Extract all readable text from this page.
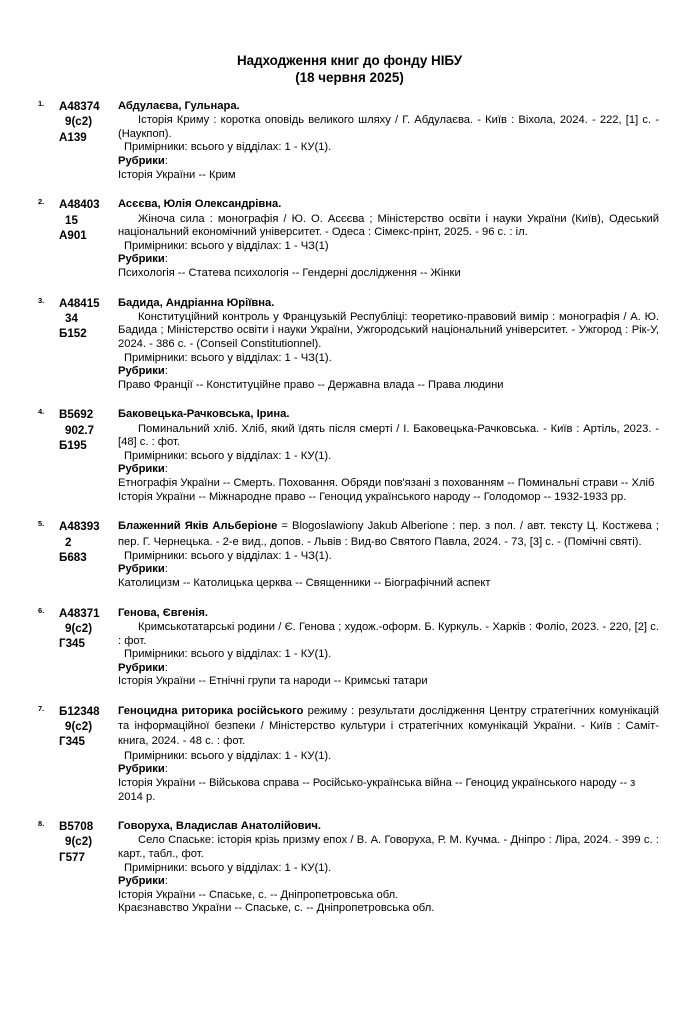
Надходження книг до фонду НІБУ
(18 червня 2025)
1. А48374
9(с2)
А139
Абдулаєва, Гульнара.
Історія Криму : коротка оповідь великого шляху / Г. Абдулаєва. - Київ : Віхола, 2024. - 222, [1] с. - (Наукпоп).
Примірники: всього у відділах: 1 - КУ(1).
Рубрики:
Історія України -- Крим
2. А48403
15
А901
Асєєва, Юлія Олександрівна.
Жіноча сила : монографія / Ю. О. Асєєва ; Міністерство освіти і науки України (Київ), Одеський національний економічний університет. - Одеса : Сімекс-прінт, 2025. - 96 с. : іл.
Примірники: всього у відділах: 1 - ЧЗ(1)
Рубрики:
Психологія -- Статева психологія -- Гендерні дослідження -- Жінки
3. А48415
34
Б152
Бадида, Андріанна Юріївна.
Конституційний контроль у Французькій Республіці: теоретико-правовий вимір : монографія / А. Ю. Бадида ; Міністерство освіти і науки України, Ужгородський національний університет. - Ужгород : Рік-У, 2024. - 386 с. - (Conseil Constitutionnel).
Примірники: всього у відділах: 1 - ЧЗ(1).
Рубрики:
Право Франції -- Конституційне право -- Державна влада -- Права людини
4. В5692
902.7
Б195
Баковецька-Рачковська, Ірина.
Поминальний хліб. Хліб, який їдять після смерті / І. Баковецька-Рачковська. - Київ : Артіль, 2023. - [48] с. : фот.
Примірники: всього у відділах: 1 - КУ(1).
Рубрики:
Етнографія України -- Смерть. Поховання. Обряди пов'язані з похованням -- Поминальні страви -- Хліб
Історія України -- Міжнародне право -- Геноцид українського народу -- Голодомор -- 1932-1933 рр.
5. А48393
2
Б683
Блаженний Яків Альберіоне = Blogoslawiony Jakub Alberione : пер. з пол. / авт. тексту Ц. Костжева ; пер. Г. Чернецька. - 2-е вид., допов. - Львів : Вид-во Святого Павла, 2024. - 73, [3] с. - (Помічні святі).
Примірники: всього у відділах: 1 - ЧЗ(1).
Рубрики:
Католицизм -- Католицька церква -- Священники -- Біографічний аспект
6. А48371
9(с2)
Г345
Генова, Євгенія.
Кримськотатарські родини / Є. Генова ; худож.-оформ. Б. Куркуль. - Харків : Фоліо, 2023. - 220, [2] с. : фот.
Примірники: всього у відділах: 1 - КУ(1).
Рубрики:
Історія України -- Етнічні групи та народи -- Кримські татари
7. Б12348
9(с2)
Г345
Геноцидна риторика російського режиму : результати дослідження Центру стратегічних комунікацій та інформаційної безпеки / Міністерство культури і стратегічних комунікацій України. - Київ : Саміт-книга, 2024. - 48 с. : фот.
Примірники: всього у відділах: 1 - КУ(1).
Рубрики:
Історія України -- Військова справа -- Російсько-українська війна -- Геноцид українського народу -- з 2014 р.
8. В5708
9(с2)
Г577
Говоруха, Владислав Анатолійович.
Село Спаське: історія крізь призму епох / В. А. Говоруха, Р. М. Кучма. - Дніпро : Ліра, 2024. - 399 с. : карт., табл., фот.
Примірники: всього у відділах: 1 - КУ(1).
Рубрики:
Історія України -- Спаське, с. -- Дніпропетровська обл.
Краєзнавство України -- Спаське, с. -- Дніпропетровська обл.
